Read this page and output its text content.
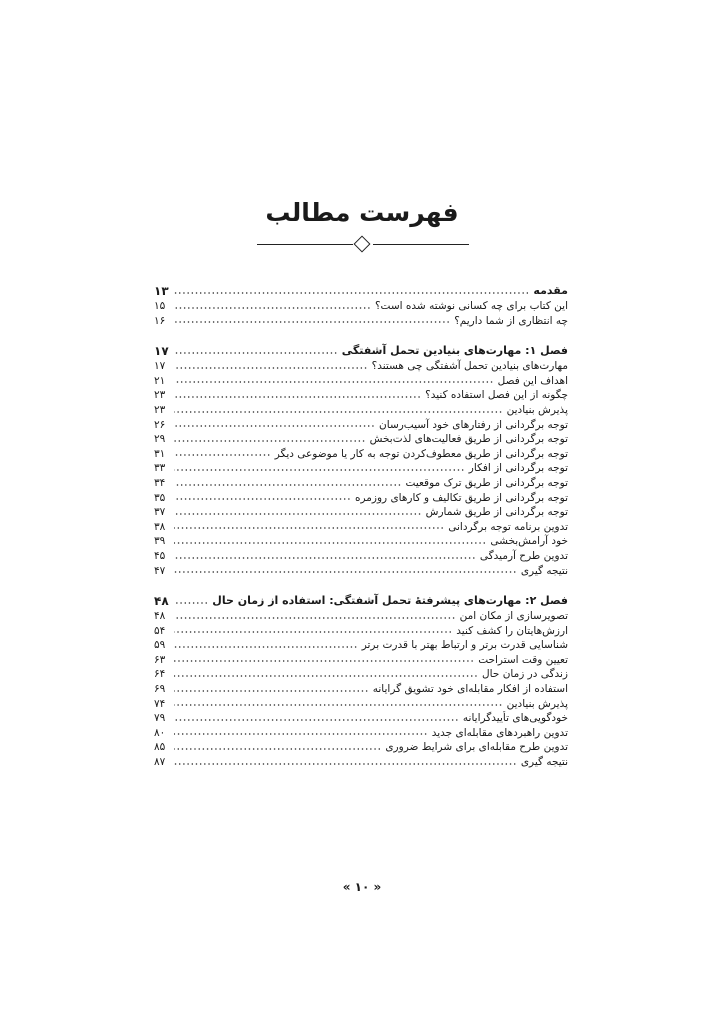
فهرست مطالب
مقدمه
۱۳
این کتاب برای چه کسانی نوشته شده است؟
۱۵
چه انتظاری از شما داریم؟
۱۶
فصل ۱: مهارت‌های بنیادین تحمل آشفتگی
۱۷
مهارت‌های بنیادین تحمل آشفتگی چی هستند؟
۱۷
اهداف این فصل
۲۱
چگونه از این فصل استفاده کنید؟
۲۳
پذیرش بنیادین
۲۳
توجه برگردانی از رفتارهای خود آسیب‌رسان
۲۶
توجه برگردانی از طریق فعالیت‌های لذت‌بخش
۲۹
توجه برگردانی از طریق معطوف‌کردن توجه به کار یا موضوعی دیگر
۳۱
توجه برگردانی از افکار
۳۳
توجه برگردانی از طریق ترک موقعیت
۳۴
توجه برگردانی از طریق تکالیف و کارهای روزمره
۳۵
توجه برگردانی از طریق شمارش
۳۷
تدوین برنامه توجه برگردانی
۳۸
خود آرامش‌بخشی
۳۹
تدوین طرح آرمیدگی
۴۵
نتیجه گیری
۴۷
فصل ۲: مهارت‌های پیشرفتهٔ تحمل آشفتگی: استفاده از زمان حال
۴۸
تصویرسازی از مکان امن
۴۸
ارزش‌هایتان را کشف کنید
۵۴
شناسایی قدرت برتر و ارتباط بهتر با قدرت برتر
۵۹
تعیین وقت استراحت
۶۳
زندگی در زمان حال
۶۴
استفاده از افکار مقابله‌ای خود تشویق گرایانه
۶۹
پذیرش بنیادین
۷۴
خودگویی‌های تأییدگرایانه
۷۹
تدوین راهبردهای مقابله‌ای جدید
۸۰
تدوین طرح مقابله‌ای برای شرایط ضروری
۸۵
نتیجه گیری
۸۷
« ۱۰ »
